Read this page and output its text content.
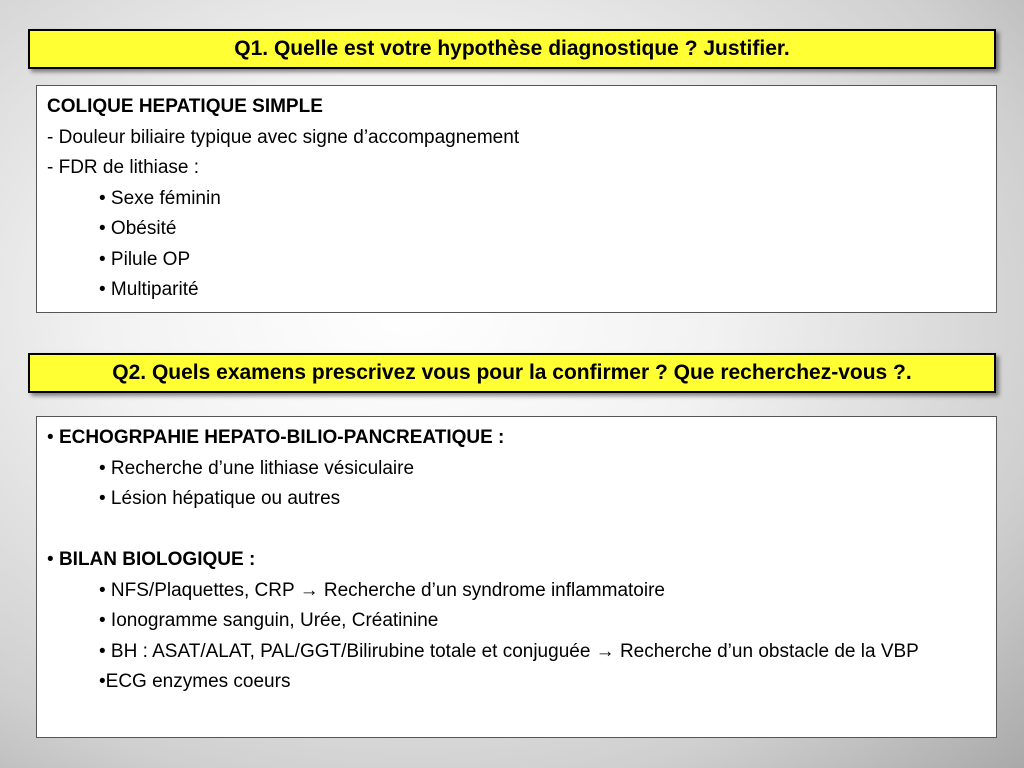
Q1. Quelle est votre hypothèse diagnostique ? Justifier.
COLIQUE HEPATIQUE SIMPLE
- Douleur biliaire typique avec signe d’accompagnement
- FDR de lithiase :
• Sexe féminin
• Obésité
• Pilule OP
• Multiparité
Q2. Quels examens prescrivez vous pour la confirmer ? Que recherchez-vous ?.
• ECHOGRPAHIE HEPATO-BILIO-PANCREATIQUE :
• Recherche d’une lithiase vésiculaire
• Lésion hépatique ou autres
• BILAN BIOLOGIQUE :
• NFS/Plaquettes, CRP → Recherche d’un syndrome inflammatoire
• Ionogramme sanguin, Urée, Créatinine
• BH : ASAT/ALAT, PAL/GGT/Bilirubine totale et conjuguée → Recherche d’un obstacle de la VBP
•ECG enzymes coeurs
